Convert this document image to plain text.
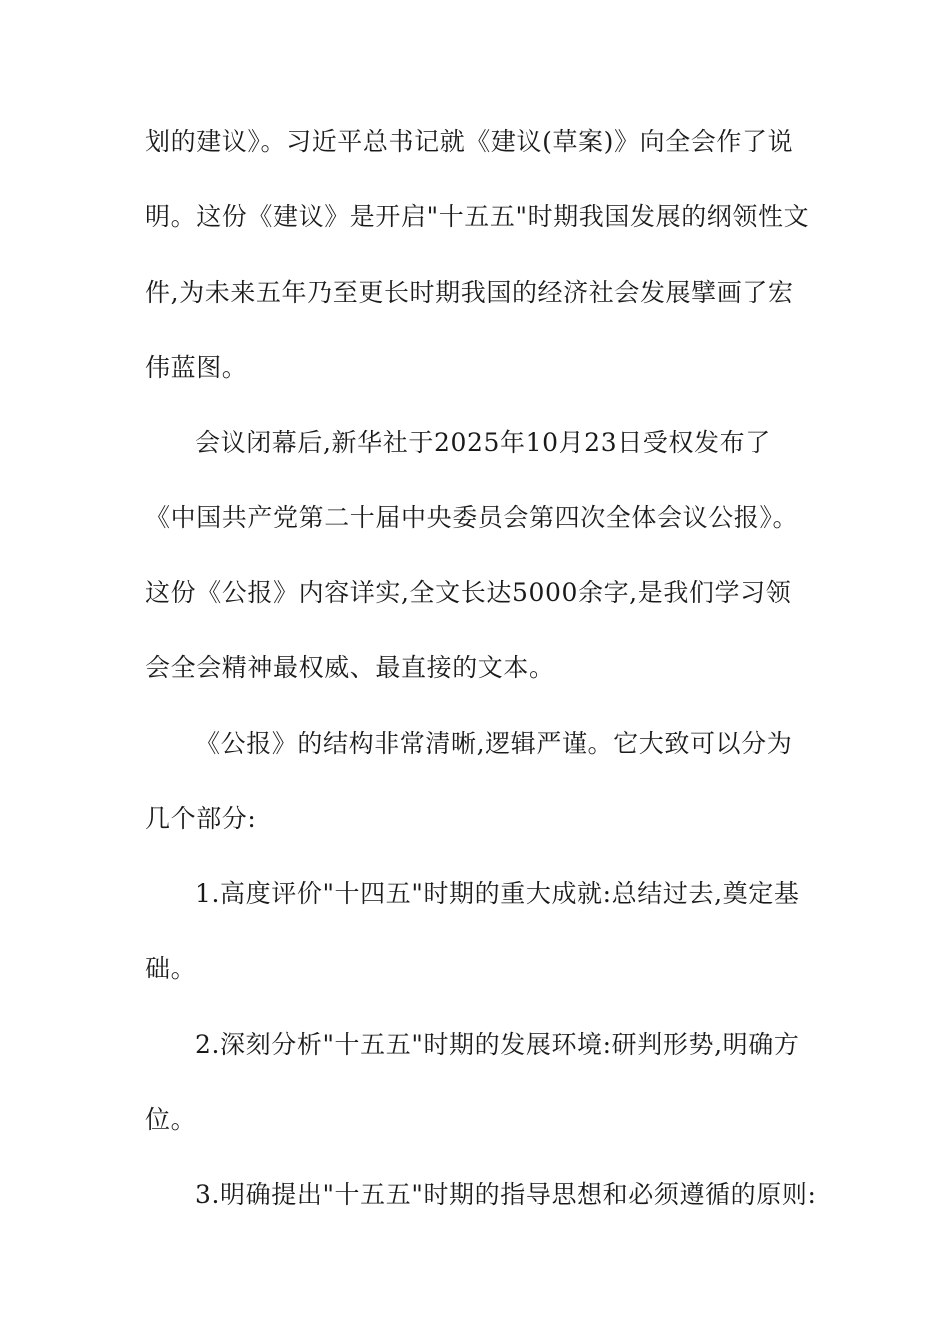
划的建议》。习近平总书记就《建议(草案)》向全会作了说
明。这份《建议》是开启"十五五"时期我国发展的纲领性文
件,为未来五年乃至更长时期我国的经济社会发展擘画了宏
伟蓝图。
会议闭幕后,新华社于2025年10月23日受权发布了
《中国共产党第二十届中央委员会第四次全体会议公报》。
这份《公报》内容详实,全文长达5000余字,是我们学习领
会全会精神最权威、最直接的文本。
《公报》的结构非常清晰,逻辑严谨。它大致可以分为
几个部分:
1.高度评价"十四五"时期的重大成就:总结过去,奠定基
础。
2.深刻分析"十五五"时期的发展环境:研判形势,明确方
位。
3.明确提出"十五五"时期的指导思想和必须遵循的原则:
